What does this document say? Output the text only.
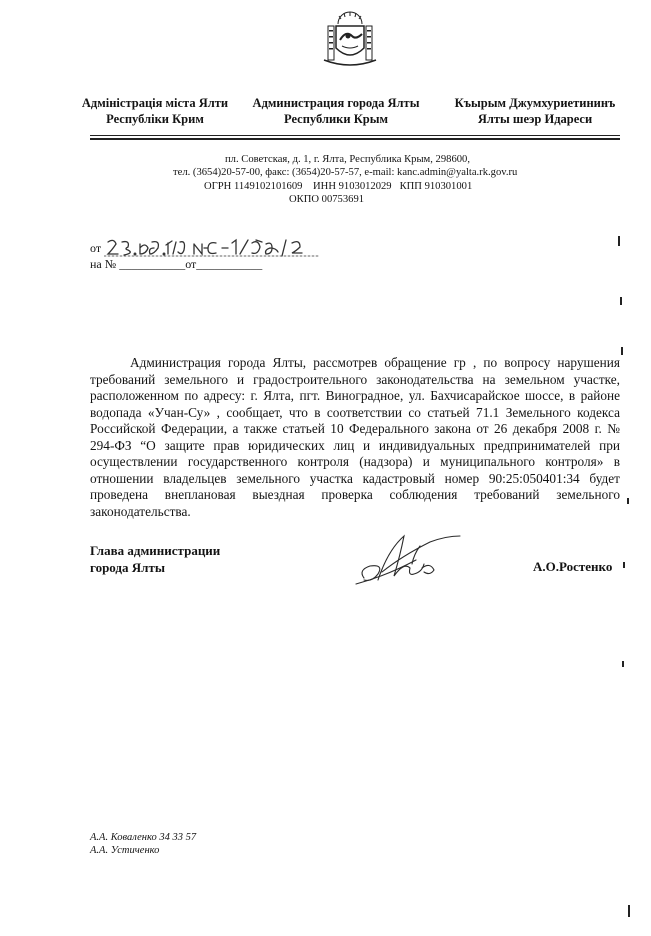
Адміністрація міста Ялти
Республіки Крим
Администрация города Ялты
Республики Крым
Къырым Джумхуриетининъ
Ялты шеэр Идареси
пл. Советская, д. 1, г. Ялта, Республика Крым, 298600,
тел. (3654)20-57-00, факс: (3654)20-57-57, e-mail: kanc.admin@yalta.rk.gov.ru
ОГРН 1149102101609 ИНН 9103012029 КПП 910301001
ОКПО 00753691
от
на № ___________от___________

Администрация города Ялты, рассмотрев обращение гр , по вопросу нарушения требований земельного и градостроительного законодательства на земельном участке, расположенном по адресу: г. Ялта, пгт. Виноградное, ул. Бахчисарайское шоссе, в районе водопада «Учан-Су» , сообщает, что в соответствии со статьей 71.1 Земельного кодекса Российской Федерации, а также статьей 10 Федерального закона от 26 декабря 2008 г. № 294-ФЗ “О защите прав юридических лиц и индивидуальных предпринимателей при осуществлении государственного контроля (надзора) и муниципального контроля» в отношении владельцев земельного участка кадастровый номер 90:25:050401:34 будет проведена внеплановая выездная проверка соблюдения требований земельного законодательства.

Глава администрации
города Ялты	А.О.Ростенко
А.А. Коваленко 34 33 57
А.А. Устиченко
